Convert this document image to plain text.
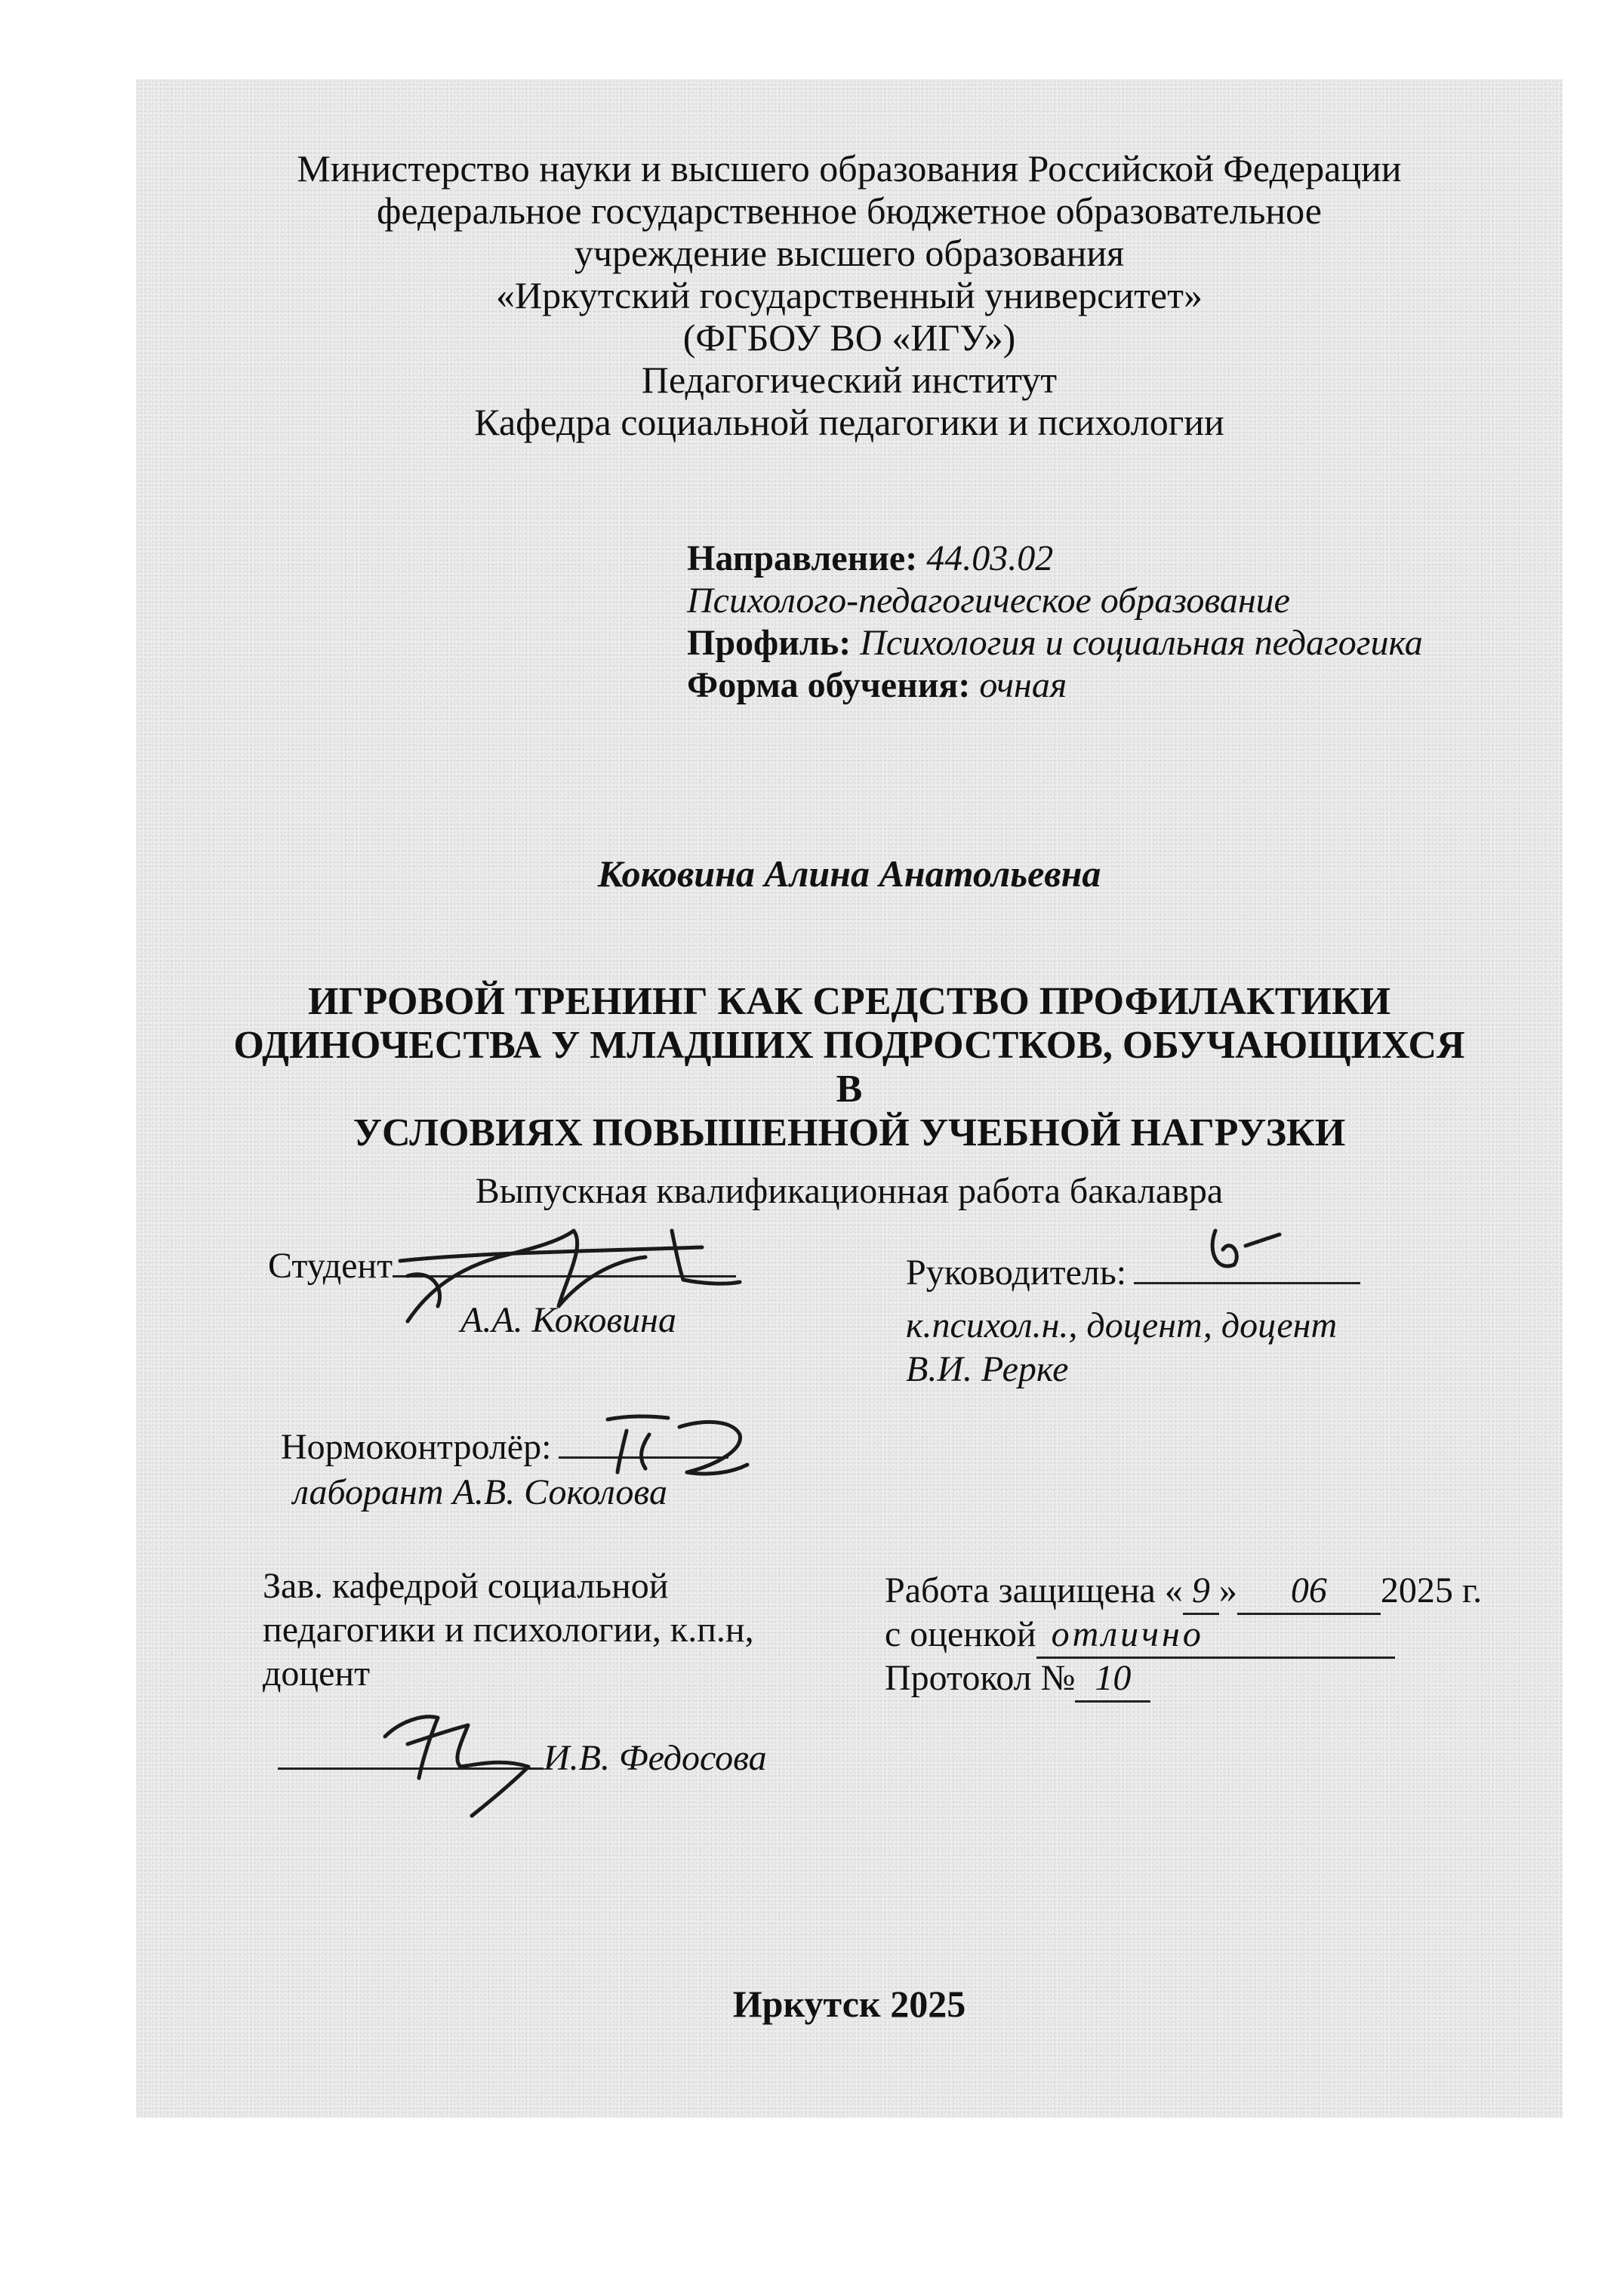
Министерство науки и высшего образования Российской Федерации
федеральное государственное бюджетное образовательное
учреждение высшего образования
«Иркутский государственный университет»
(ФГБОУ ВО «ИГУ»)
Педагогический институт
Кафедра социальной педагогики и психологии
Направление: 44.03.02
Психолого-педагогическое образование
Профиль: Психология и социальная педагогика
Форма обучения: очная
Коковина Алина Анатольевна
ИГРОВОЙ ТРЕНИНГ КАК СРЕДСТВО ПРОФИЛАКТИКИ
ОДИНОЧЕСТВА У МЛАДШИХ ПОДРОСТКОВ, ОБУЧАЮЩИХСЯ В
УСЛОВИЯХ ПОВЫШЕННОЙ УЧЕБНОЙ НАГРУЗКИ
Выпускная квалификационная работа бакалавра
Студент
А.А. Коковина
Руководитель:
к.психол.н., доцент, доцент
В.И. Рерке
Нормоконтролёр:
лаборант А.В. Соколова
Зав. кафедрой социальной
педагогики и психологии, к.п.н,
доцент
И.В. Федосова
Работа защищена « 9 » 06 2025 г.
с оценкой отлично
Протокол № 10
Иркутск 2025
